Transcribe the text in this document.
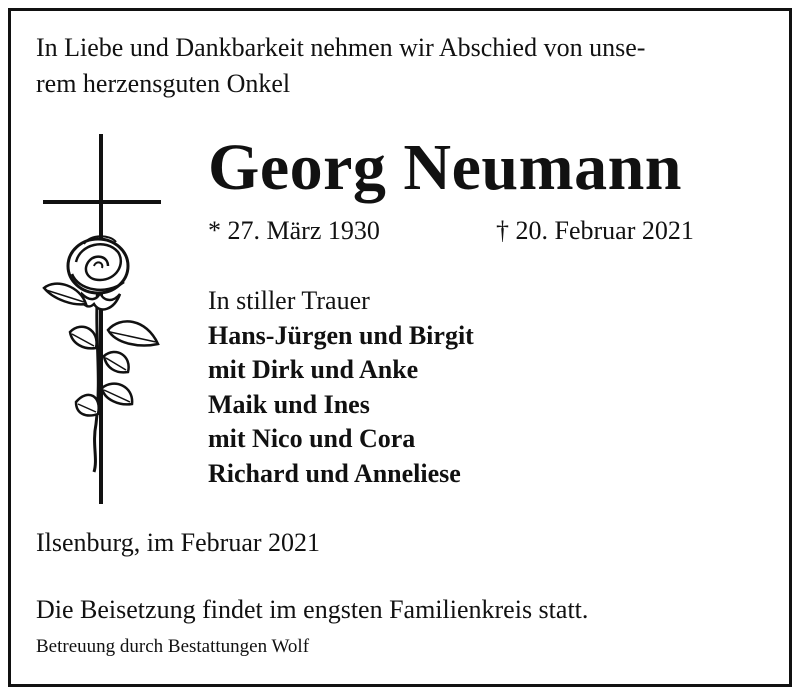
In Liebe und Dankbarkeit nehmen wir Abschied von unse-
rem herzensguten Onkel

Georg Neumann
* 27. März 1930	† 20. Februar 2021
In stiller Trauer
Hans-Jürgen und Birgit
mit Dirk und Anke
Maik und Ines
mit Nico und Cora
Richard und Anneliese
Ilsenburg, im Februar 2021
Die Beisetzung findet im engsten Familienkreis statt.
Betreuung durch Bestattungen Wolf
